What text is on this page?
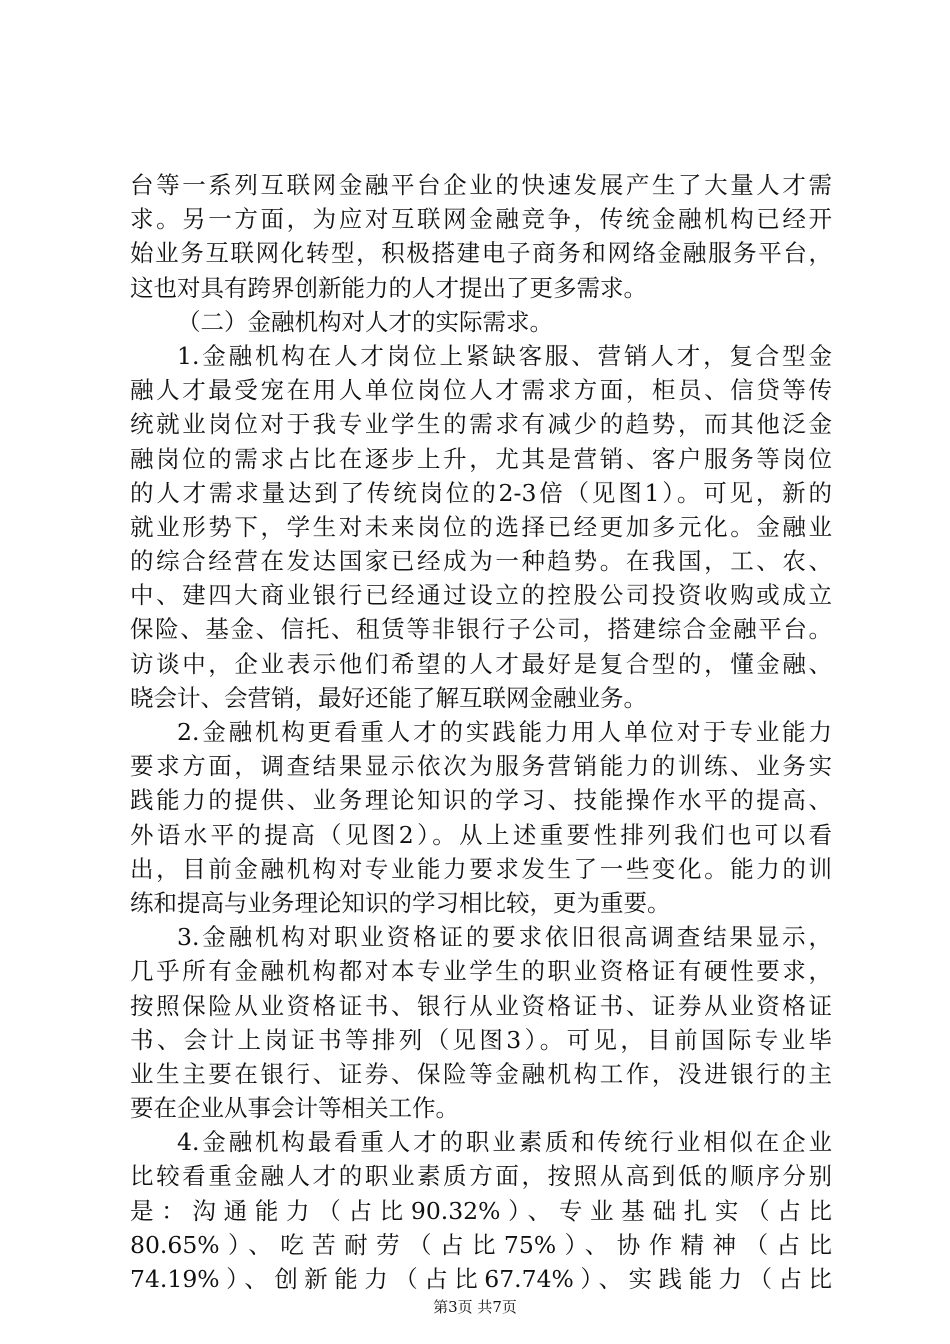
台等一系列互联网金融平台企业的快速发展产生了大量人才需
求。另一方面，为应对互联网金融竞争，传统金融机构已经开
始业务互联网化转型，积极搭建电子商务和网络金融服务平台，
这也对具有跨界创新能力的人才提出了更多需求。
（二）金融机构对人才的实际需求。
1.金融机构在人才岗位上紧缺客服、营销人才，复合型金
融人才最受宠在用人单位岗位人才需求方面，柜员、信贷等传
统就业岗位对于我专业学生的需求有减少的趋势，而其他泛金
融岗位的需求占比在逐步上升，尤其是营销、客户服务等岗位
的人才需求量达到了传统岗位的2-3倍（见图1）。可见，新的
就业形势下，学生对未来岗位的选择已经更加多元化。金融业
的综合经营在发达国家已经成为一种趋势。在我国，工、农、
中、建四大商业银行已经通过设立的控股公司投资收购或成立
保险、基金、信托、租赁等非银行子公司，搭建综合金融平台。
访谈中，企业表示他们希望的人才最好是复合型的，懂金融、
晓会计、会营销，最好还能了解互联网金融业务。
2.金融机构更看重人才的实践能力用人单位对于专业能力
要求方面，调查结果显示依次为服务营销能力的训练、业务实
践能力的提供、业务理论知识的学习、技能操作水平的提高、
外语水平的提高（见图2）。从上述重要性排列我们也可以看
出，目前金融机构对专业能力要求发生了一些变化。能力的训
练和提高与业务理论知识的学习相比较，更为重要。
3.金融机构对职业资格证的要求依旧很高调查结果显示，
几乎所有金融机构都对本专业学生的职业资格证有硬性要求，
按照保险从业资格证书、银行从业资格证书、证券从业资格证
书、会计上岗证书等排列（见图3）。可见，目前国际专业毕
业生主要在银行、证券、保险等金融机构工作，没进银行的主
要在企业从事会计等相关工作。
4.金融机构最看重人才的职业素质和传统行业相似在企业
比较看重金融人才的职业素质方面，按照从高到低的顺序分别
是：沟通能力（占比90.32%）、专业基础扎实（占比
80.65%）、吃苦耐劳（占比75%）、协作精神（占比
74.19%）、创新能力（占比67.74%）、实践能力（占比
第3页 共7页
